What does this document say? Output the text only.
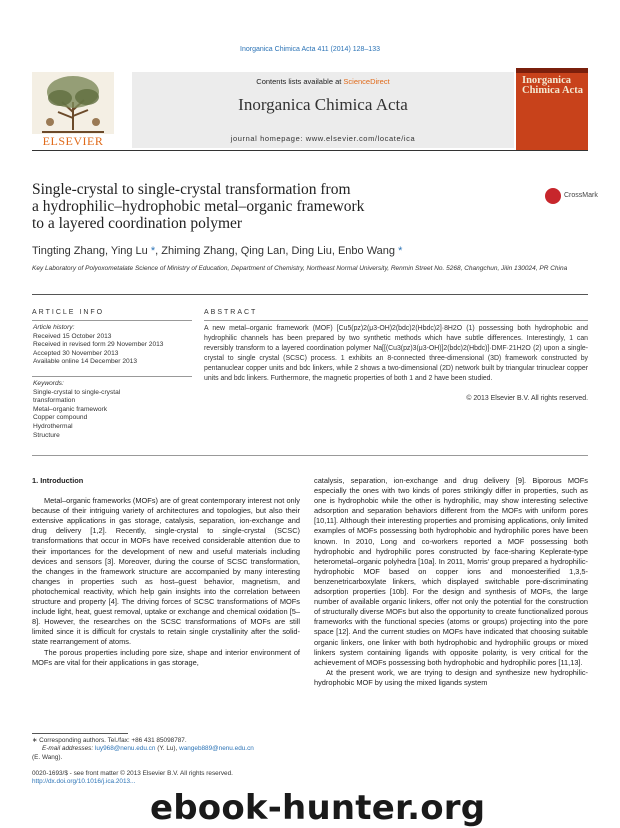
Inorganica Chimica Acta 411 (2014) 128–133
ELSEVIER
Contents lists available at ScienceDirect
Inorganica Chimica Acta
journal homepage: www.elsevier.com/locate/ica
Inorganica
Chimica Acta
Single-crystal to single-crystal transformation from
a hydrophilic–hydrophobic metal–organic framework
to a layered coordination polymer
CrossMark
Tingting Zhang, Ying Lu *, Zhiming Zhang, Qing Lan, Ding Liu, Enbo Wang *
Key Laboratory of Polyoxometalate Science of Ministry of Education, Department of Chemistry, Northeast Normal University, Renmin Street No. 5268, Changchun, Jilin 130024, PR China
ARTICLE INFO	ABSTRACT
Article history:
Received 15 October 2013
Received in revised form 29 November 2013
Accepted 30 November 2013
Available online 14 December 2013
Keywords:
Single-crystal to single-crystal
transformation
Metal–organic framework
Copper compound
Hydrothermal
Structure
A new metal–organic framework (MOF) [Cu5(pz)2(μ3-OH)2(bdc)2(Hbdc)2]·8H2O (1) possessing both hydrophobic and hydrophilic channels has been prepared by two synthetic methods which have subtle differences. Interestingly, 1 can reversibly transform to a layered coordination polymer Na[[(Cu3(pz)3(μ3-OH)]2(bdc)2(Hbdc)]·DMF·21H2O (2) upon a single-crystal to single crystal (SCSC) process. 1 exhibits an 8-connected three-dimensional (3D) framework constructed by pentanuclear copper units and bdc linkers, while 2 shows a two-dimensional (2D) network built by triangular trinuclear copper units and bdc linkers. Furthermore, the magnetic properties of both 1 and 2 have been studied.
© 2013 Elsevier B.V. All rights reserved.
1. Introduction

Metal–organic frameworks (MOFs) are of great contemporary interest not only because of their intriguing variety of architectures and topologies, but also their extensive applications in gas storage, catalysis, separation, ion-exchange and drug delivery [1,2]. Recently, single-crystal to single-crystal (SCSC) transformations that occur in MOFs have received considerable attention due to their importances for the development of new and useful materials including devices and sensors [3]. Moreover, during the course of SCSC transformation, the changes in the framework structure are accompanied by many interesting changes in properties such as host–guest behavior, magnetism, and photochemical reactivity, which help gain insights into the correlation between structure and property [4]. The driving forces of SCSC transformations of MOFs include light, heat, guest removal, uptake or exchange and chemical oxidation [5–8]. However, the researches on the SCSC transformations of MOFs are still limited since it is difficult for crystals to retain single crystallinity after the solid-state rearrangement of atoms.

The porous properties including pore size, shape and interior environment of MOFs are vital for their applications in gas storage,

catalysis, separation, ion-exchange and drug delivery [9]. Biporous MOFs especially the ones with two kinds of pores strikingly differ in properties, such as one is hydrophobic while the other is hydrophilic, may show interesting selective adsorption and separation behaviors different from the MOFs with uniform pores [10,11]. Although their interesting properties and promising applications, only limited examples of MOFs possessing both hydrophobic and hydrophilic pores have been known. In 2010, Long and co-workers reported a MOF possessing both hydrophobic and hydrophilic pores constructed by face-sharing Keplerate-type heterometal–organic polyhedra [10a]. In 2011, Morris' group prepared a hydrophilic-hydrophobic MOF based on copper ions and monoesterified 1,3,5-benzenetricarboxylate linkers, which displayed switchable pore-discriminating adsorption properties [10b]. For the design and synthesis of MOFs, the large number of available organic linkers, offer not only the potential for the construction of structurally diverse MOFs but also the opportunity to create functionalized porous frameworks with the functional species (atoms or groups) projecting into the pore space [12]. And the current studies on MOFs have indicated that choosing suitable organic linkers, one linker with both hydrophobic and hydrophilic groups or mixed linkers system containing ligands with opposite polarity, is very critical for the achievement of MOFs possessing both hydrophobic and hydrophilic pores [11,13].

At the present work, we are trying to design and synthesize new hydrophilic-hydrophobic MOF by using the mixed ligands system

∗ Corresponding authors. Tel./fax: +86 431 85098787.
E-mail addresses: luy968@nenu.edu.cn (Y. Lu), wangeb889@nenu.edu.cn
(E. Wang).
0020-1693/$ - see front matter © 2013 Elsevier B.V. All rights reserved.
http://dx.doi.org/10.1016/j.ica.2013...
ebook-hunter.org
